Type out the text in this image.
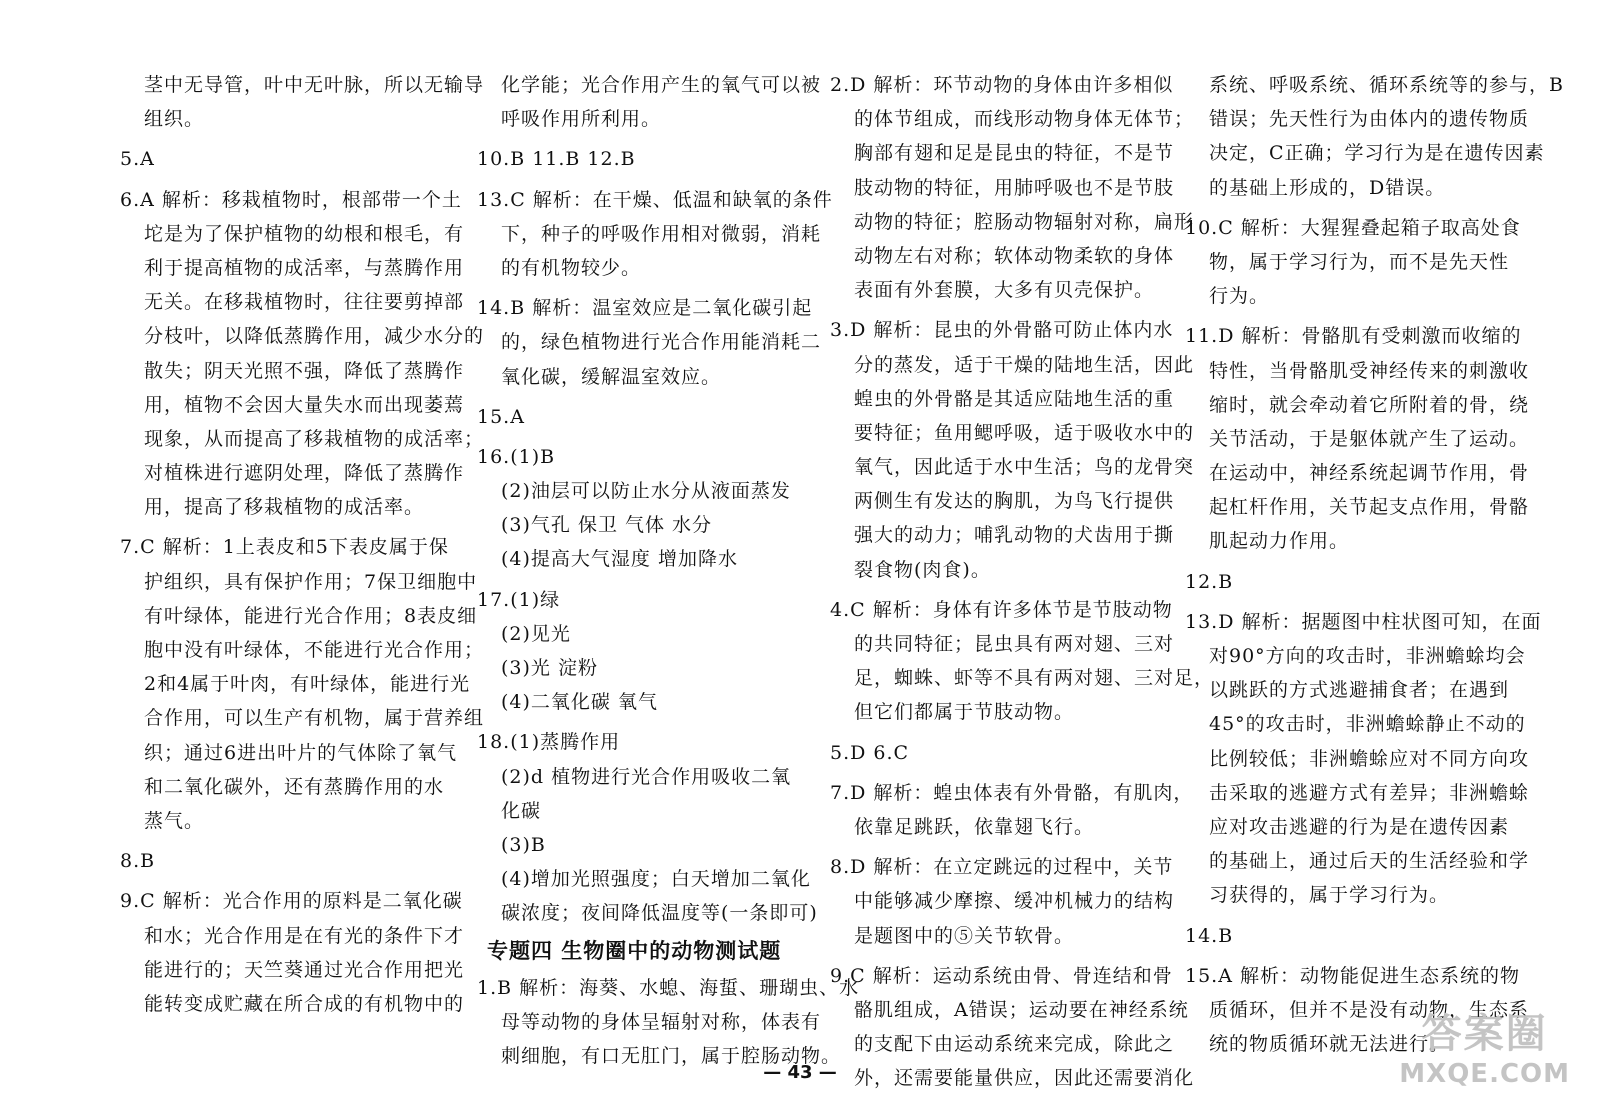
茎中无导管，叶中无叶脉，所以无输导
组织。
5.A
6.A 解析：移栽植物时，根部带一个土
坨是为了保护植物的幼根和根毛，有
利于提高植物的成活率，与蒸腾作用
无关。在移栽植物时，往往要剪掉部
分枝叶，以降低蒸腾作用，减少水分的
散失；阴天光照不强，降低了蒸腾作
用，植物不会因大量失水而出现萎蔫
现象，从而提高了移栽植物的成活率；
对植株进行遮阴处理，降低了蒸腾作
用，提高了移栽植物的成活率。
7.C 解析：1上表皮和5下表皮属于保
护组织，具有保护作用；7保卫细胞中
有叶绿体，能进行光合作用；8表皮细
胞中没有叶绿体，不能进行光合作用；
2和4属于叶肉，有叶绿体，能进行光
合作用，可以生产有机物，属于营养组
织；通过6进出叶片的气体除了氧气
和二氧化碳外，还有蒸腾作用的水
蒸气。
8.B
9.C 解析：光合作用的原料是二氧化碳
和水；光合作用是在有光的条件下才
能进行的；天竺葵通过光合作用把光
能转变成贮藏在所合成的有机物中的
化学能；光合作用产生的氧气可以被
呼吸作用所利用。
10.B 11.B 12.B
13.C 解析：在干燥、低温和缺氧的条件
下，种子的呼吸作用相对微弱，消耗
的有机物较少。
14.B 解析：温室效应是二氧化碳引起
的，绿色植物进行光合作用能消耗二
氧化碳，缓解温室效应。
15.A
16.(1)B
(2)油层可以防止水分从液面蒸发
(3)气孔 保卫 气体 水分
(4)提高大气湿度 增加降水
17.(1)绿
(2)见光
(3)光 淀粉
(4)二氧化碳 氧气
18.(1)蒸腾作用
(2)d 植物进行光合作用吸收二氧
化碳
(3)B
(4)增加光照强度；白天增加二氧化
碳浓度；夜间降低温度等(一条即可)
专题四 生物圈中的动物测试题
1.B 解析：海葵、水螅、海蜇、珊瑚虫、水
母等动物的身体呈辐射对称，体表有
刺细胞，有口无肛门，属于腔肠动物。
2.D 解析：环节动物的身体由许多相似
的体节组成，而线形动物身体无体节；
胸部有翅和足是昆虫的特征，不是节
肢动物的特征，用肺呼吸也不是节肢
动物的特征；腔肠动物辐射对称，扁形
动物左右对称；软体动物柔软的身体
表面有外套膜，大多有贝壳保护。
3.D 解析：昆虫的外骨骼可防止体内水
分的蒸发，适于干燥的陆地生活，因此
蝗虫的外骨骼是其适应陆地生活的重
要特征；鱼用鳃呼吸，适于吸收水中的
氧气，因此适于水中生活；鸟的龙骨突
两侧生有发达的胸肌，为鸟飞行提供
强大的动力；哺乳动物的犬齿用于撕
裂食物(肉食)。
4.C 解析：身体有许多体节是节肢动物
的共同特征；昆虫具有两对翅、三对
足，蜘蛛、虾等不具有两对翅、三对足，
但它们都属于节肢动物。
5.D 6.C
7.D 解析：蝗虫体表有外骨骼，有肌肉，
依靠足跳跃，依靠翅飞行。
8.D 解析：在立定跳远的过程中，关节
中能够减少摩擦、缓冲机械力的结构
是题图中的⑤关节软骨。
9.C 解析：运动系统由骨、骨连结和骨
骼肌组成，A错误；运动要在神经系统
的支配下由运动系统来完成，除此之
外，还需要能量供应，因此还需要消化
系统、呼吸系统、循环系统等的参与，B
错误；先天性行为由体内的遗传物质
决定，C正确；学习行为是在遗传因素
的基础上形成的，D错误。
10.C 解析：大猩猩叠起箱子取高处食
物，属于学习行为，而不是先天性
行为。
11.D 解析：骨骼肌有受刺激而收缩的
特性，当骨骼肌受神经传来的刺激收
缩时，就会牵动着它所附着的骨，绕
关节活动，于是躯体就产生了运动。
在运动中，神经系统起调节作用，骨
起杠杆作用，关节起支点作用，骨骼
肌起动力作用。
12.B
13.D 解析：据题图中柱状图可知，在面
对90°方向的攻击时，非洲蟾蜍均会
以跳跃的方式逃避捕食者；在遇到
45°的攻击时，非洲蟾蜍静止不动的
比例较低；非洲蟾蜍应对不同方向攻
击采取的逃避方式有差异；非洲蟾蜍
应对攻击逃避的行为是在遗传因素
的基础上，通过后天的生活经验和学
习获得的，属于学习行为。
14.B
15.A 解析：动物能促进生态系统的物
质循环，但并不是没有动物，生态系
统的物质循环就无法进行。
— 43 —
答案圈
MXQE.COM
